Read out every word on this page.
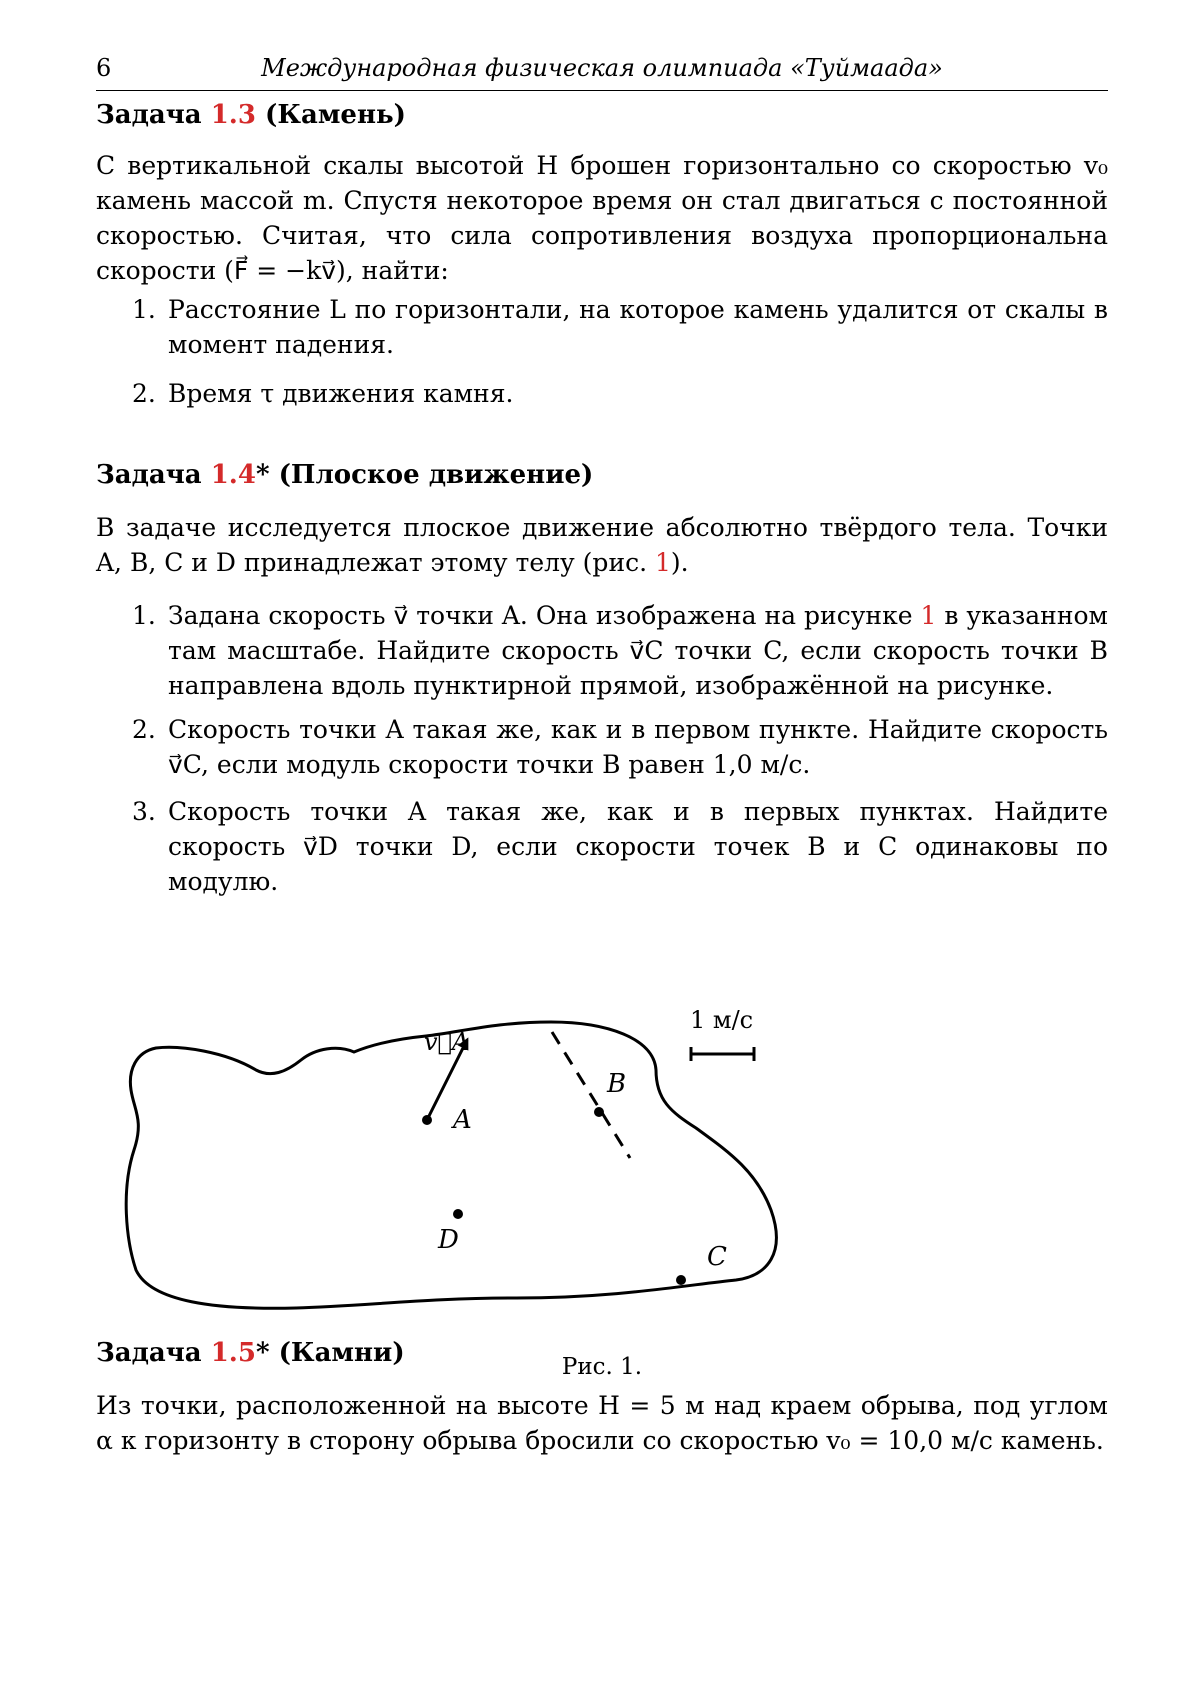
6	Международная физическая олимпиада «Туймаада»
Задача 1.3 (Камень)
С вертикальной скалы высотой H брошен горизонтально со скоростью v₀ камень массой m. Спустя некоторое время он стал двигаться с постоянной скоростью. Считая, что сила сопротивления воздуха пропорциональна скорости (F⃗ = −kv⃗), найти:
1. Расстояние L по горизонтали, на которое камень удалится от скалы в момент падения.
2. Время τ движения камня.
Задача 1.4* (Плоское движение)
В задаче исследуется плоское движение абсолютно твёрдого тела. Точки A, B, C и D принадлежат этому телу (рис. 1).
1. Задана скорость v⃗ точки A. Она изображена на рисунке 1 в указанном там масштабе. Найдите скорость v⃗C точки C, если скорость точки B направлена вдоль пунктирной прямой, изображённой на рисунке.
2. Скорость точки A такая же, как и в первом пункте. Найдите скорость v⃗C, если модуль скорости точки B равен 1,0 м/с.
3. Скорость точки A такая же, как и в первых пунктах. Найдите скорость v⃗D точки D, если скорости точек B и C одинаковы по модулю.
v⃗A
A
B
D
C
1 м/с
Рис. 1.
Задача 1.5* (Камни)
Из точки, расположенной на высоте H = 5 м над краем обрыва, под углом α к горизонту в сторону обрыва бросили со скоростью v₀ = 10,0 м/с камень.
